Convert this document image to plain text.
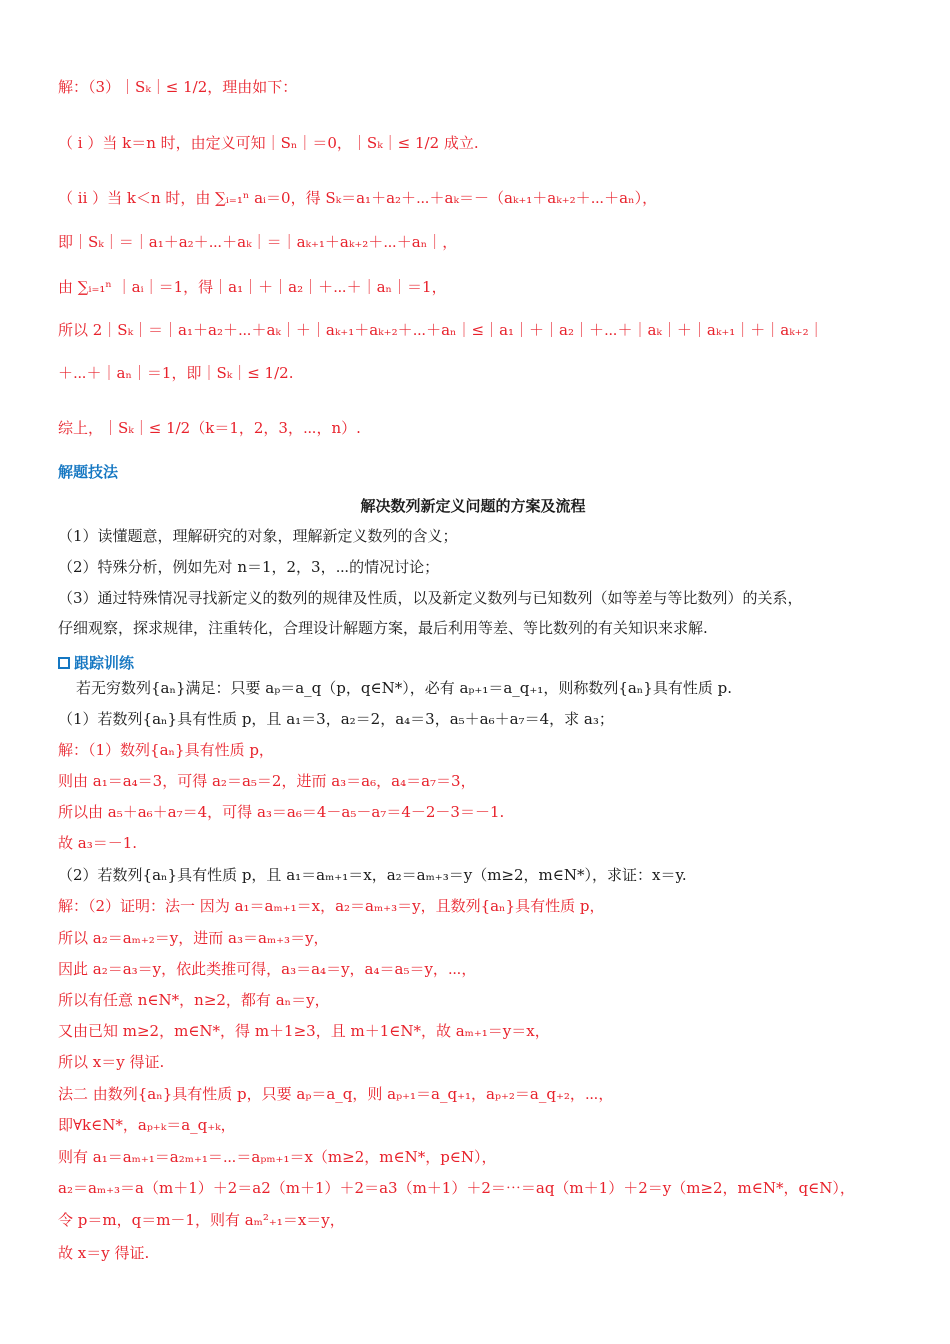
解：（3）｜Sₖ｜≤ 1/2，理由如下：
（ i ）当 k＝n 时，由定义可知｜Sₙ｜＝0，｜Sₖ｜≤ 1/2 成立.
（ ii ）当 k＜n 时，由 ∑ᵢ₌₁ⁿ aᵢ＝0，得 Sₖ＝a₁＋a₂＋⋯＋aₖ＝－（aₖ₊₁＋aₖ₊₂＋⋯＋aₙ），
即｜Sₖ｜＝｜a₁＋a₂＋⋯＋aₖ｜＝｜aₖ₊₁＋aₖ₊₂＋⋯＋aₙ｜，
由 ∑ᵢ₌₁ⁿ ｜aᵢ｜＝1，得｜a₁｜＋｜a₂｜＋⋯＋｜aₙ｜＝1，
所以 2｜Sₖ｜＝｜a₁＋a₂＋⋯＋aₖ｜＋｜aₖ₊₁＋aₖ₊₂＋⋯＋aₙ｜≤｜a₁｜＋｜a₂｜＋⋯＋｜aₖ｜＋｜aₖ₊₁｜＋｜aₖ₊₂｜
＋⋯＋｜aₙ｜＝1，即｜Sₖ｜≤ 1/2.
综上，｜Sₖ｜≤ 1/2（k＝1，2，3，⋯，n）.
解题技法
解决数列新定义问题的方案及流程
（1）读懂题意，理解研究的对象，理解新定义数列的含义；
（2）特殊分析，例如先对 n＝1，2，3，⋯的情况讨论；
（3）通过特殊情况寻找新定义的数列的规律及性质，以及新定义数列与已知数列（如等差与等比数列）的关系，
仔细观察，探求规律，注重转化，合理设计解题方案，最后利用等差、等比数列的有关知识来求解.
跟踪训练
若无穷数列{aₙ}满足：只要 aₚ＝a_q（p，q∈N*），必有 aₚ₊₁＝a_q₊₁，则称数列{aₙ}具有性质 p.
（1）若数列{aₙ}具有性质 p，且 a₁＝3，a₂＝2，a₄＝3，a₅＋a₆＋a₇＝4，求 a₃；
解：（1）数列{aₙ}具有性质 p，
则由 a₁＝a₄＝3，可得 a₂＝a₅＝2，进而 a₃＝a₆，a₄＝a₇＝3，
所以由 a₅＋a₆＋a₇＝4，可得 a₃＝a₆＝4－a₅－a₇＝4－2－3＝－1.
故 a₃＝－1.
（2）若数列{aₙ}具有性质 p，且 a₁＝aₘ₊₁＝x，a₂＝aₘ₊₃＝y（m≥2，m∈N*），求证：x＝y.
解：（2）证明：法一 因为 a₁＝aₘ₊₁＝x，a₂＝aₘ₊₃＝y，且数列{aₙ}具有性质 p，
所以 a₂＝aₘ₊₂＝y，进而 a₃＝aₘ₊₃＝y，
因此 a₂＝a₃＝y，依此类推可得，a₃＝a₄＝y，a₄＝a₅＝y，⋯，
所以有任意 n∈N*，n≥2，都有 aₙ＝y，
又由已知 m≥2，m∈N*，得 m＋1≥3，且 m＋1∈N*，故 aₘ₊₁＝y＝x，
所以 x＝y 得证.
法二 由数列{aₙ}具有性质 p，只要 aₚ＝a_q，则 aₚ₊₁＝a_q₊₁，aₚ₊₂＝a_q₊₂，⋯，
即∀k∈N*，aₚ₊ₖ＝a_q₊ₖ，
则有 a₁＝aₘ₊₁＝a₂ₘ₊₁＝⋯＝aₚₘ₊₁＝x（m≥2，m∈N*，p∈N），
a₂＝aₘ₊₃＝a（m＋1）＋2＝a2（m＋1）＋2＝a3（m＋1）＋2＝⋯＝aq（m＋1）＋2＝y（m≥2，m∈N*，q∈N），
令 p＝m，q＝m－1，则有 aₘ²₊₁＝x＝y，
故 x＝y 得证.
